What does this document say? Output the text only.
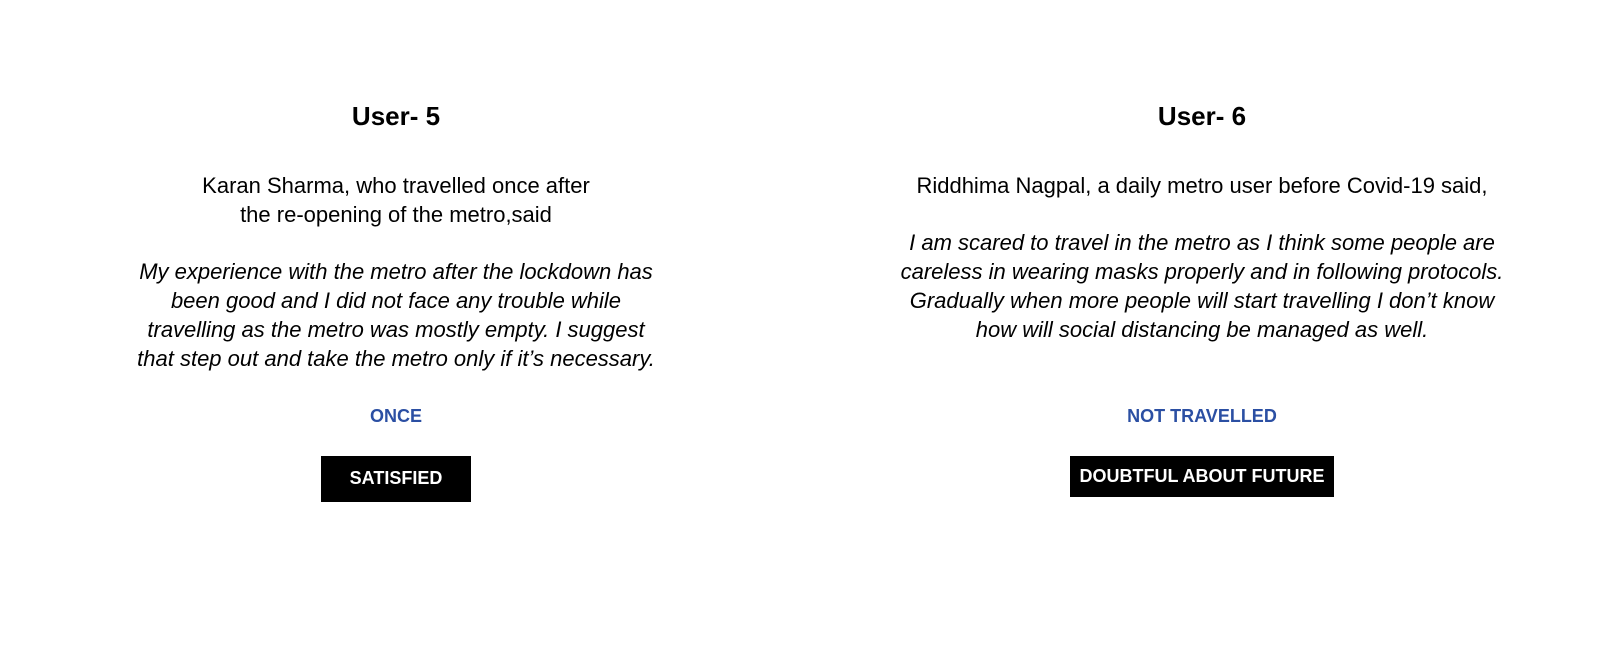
User- 5
Karan Sharma, who travelled once after
the re-opening of the metro,said
My experience with the metro after the lockdown has
been good and I did not face any trouble while
travelling as the metro was mostly empty. I suggest
that step out and take the metro only if it’s necessary.
ONCE
SATISFIED
User- 6
Riddhima Nagpal, a daily metro user before Covid-19 said,
I am scared to travel in the metro as I think some people are
careless in wearing masks properly and in following protocols.
Gradually when more people will start travelling I don’t know
how will social distancing be managed as well.
NOT TRAVELLED
DOUBTFUL ABOUT FUTURE
